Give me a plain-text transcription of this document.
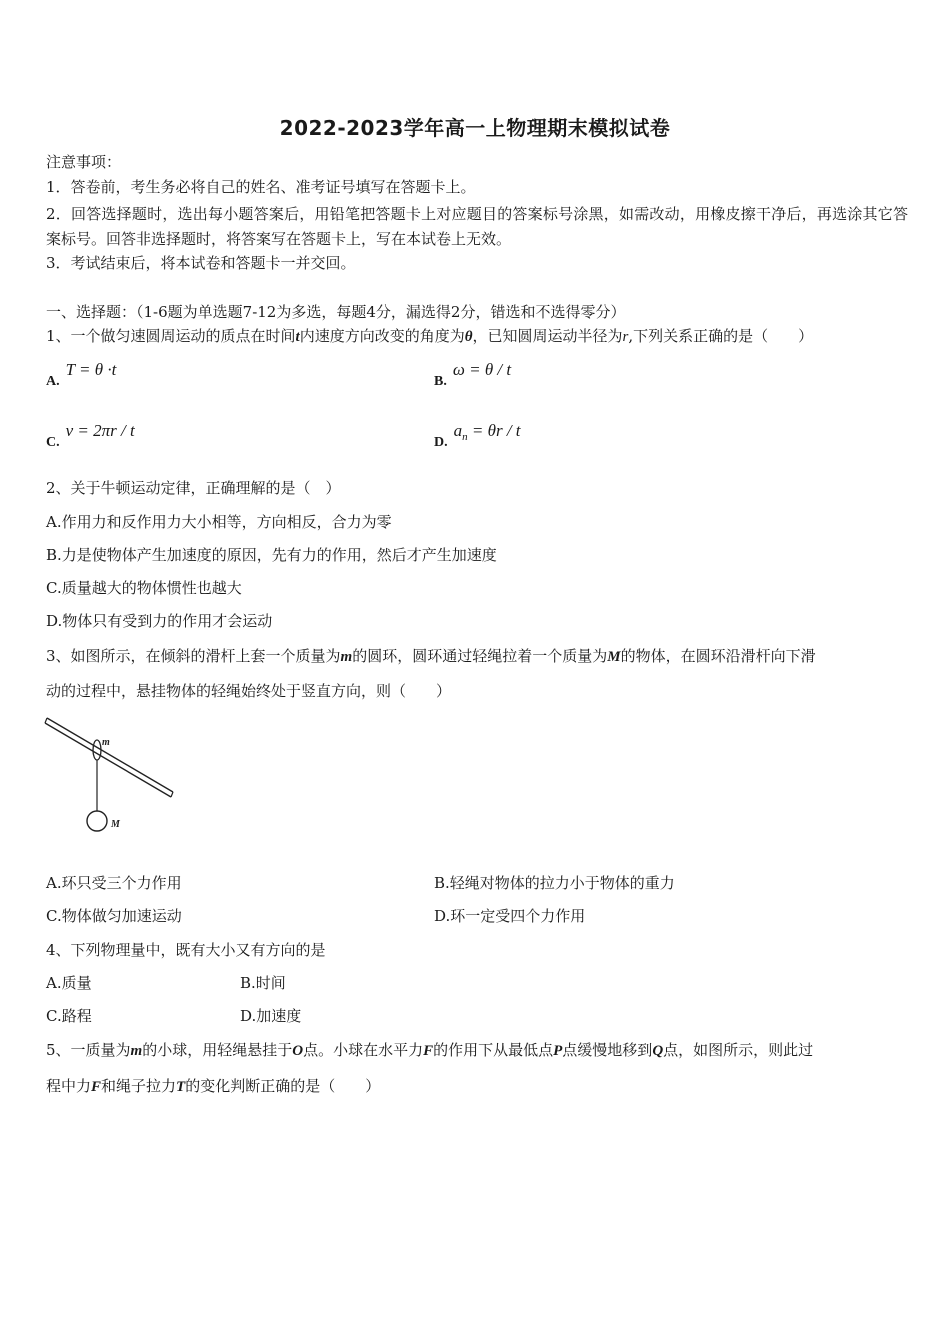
2022-2023学年高一上物理期末模拟试卷
注意事项：
1．答卷前，考生务必将自己的姓名、准考证号填写在答题卡上。
2．回答选择题时，选出每小题答案后，用铅笔把答题卡上对应题目的答案标号涂黑，如需改动，用橡皮擦干净后，再选涂其它答案标号。回答非选择题时，将答案写在答题卡上，写在本试卷上无效。
3．考试结束后，将本试卷和答题卡一并交回。
一、选择题：（1-6题为单选题7-12为多选，每题4分，漏选得2分，错选和不选得零分）
1、一个做匀速圆周运动的质点在时间t内速度方向改变的角度为θ，已知圆周运动半径为r,下列关系正确的是（　　）
A.T = θ ·t
B.ω = θ / t
C.v = 2πr / t
$D.a_n = \theta r / t$
2、关于牛顿运动定律，正确理解的是（　）
A.作用力和反作用力大小相等，方向相反，合力为零
B.力是使物体产生加速度的原因，先有力的作用，然后才产生加速度
C.质量越大的物体惯性也越大
D.物体只有受到力的作用才会运动
3、如图所示，在倾斜的滑杆上套一个质量为m的圆环，圆环通过轻绳拉着一个质量为M的物体，在圆环沿滑杆向下滑
动的过程中，悬挂物体的轻绳始终处于竖直方向，则（　　）
m
M
A.环只受三个力作用	B.轻绳对物体的拉力小于物体的重力
C.物体做匀加速运动	D.环一定受四个力作用
4、下列物理量中，既有大小又有方向的是
A.质量	B.时间
C.路程	D.加速度
5、一质量为m的小球，用轻绳悬挂于O点。小球在水平力F的作用下从最低点P点缓慢地移到Q点，如图所示，则此过
程中力F和绳子拉力T的变化判断正确的是（　　）
